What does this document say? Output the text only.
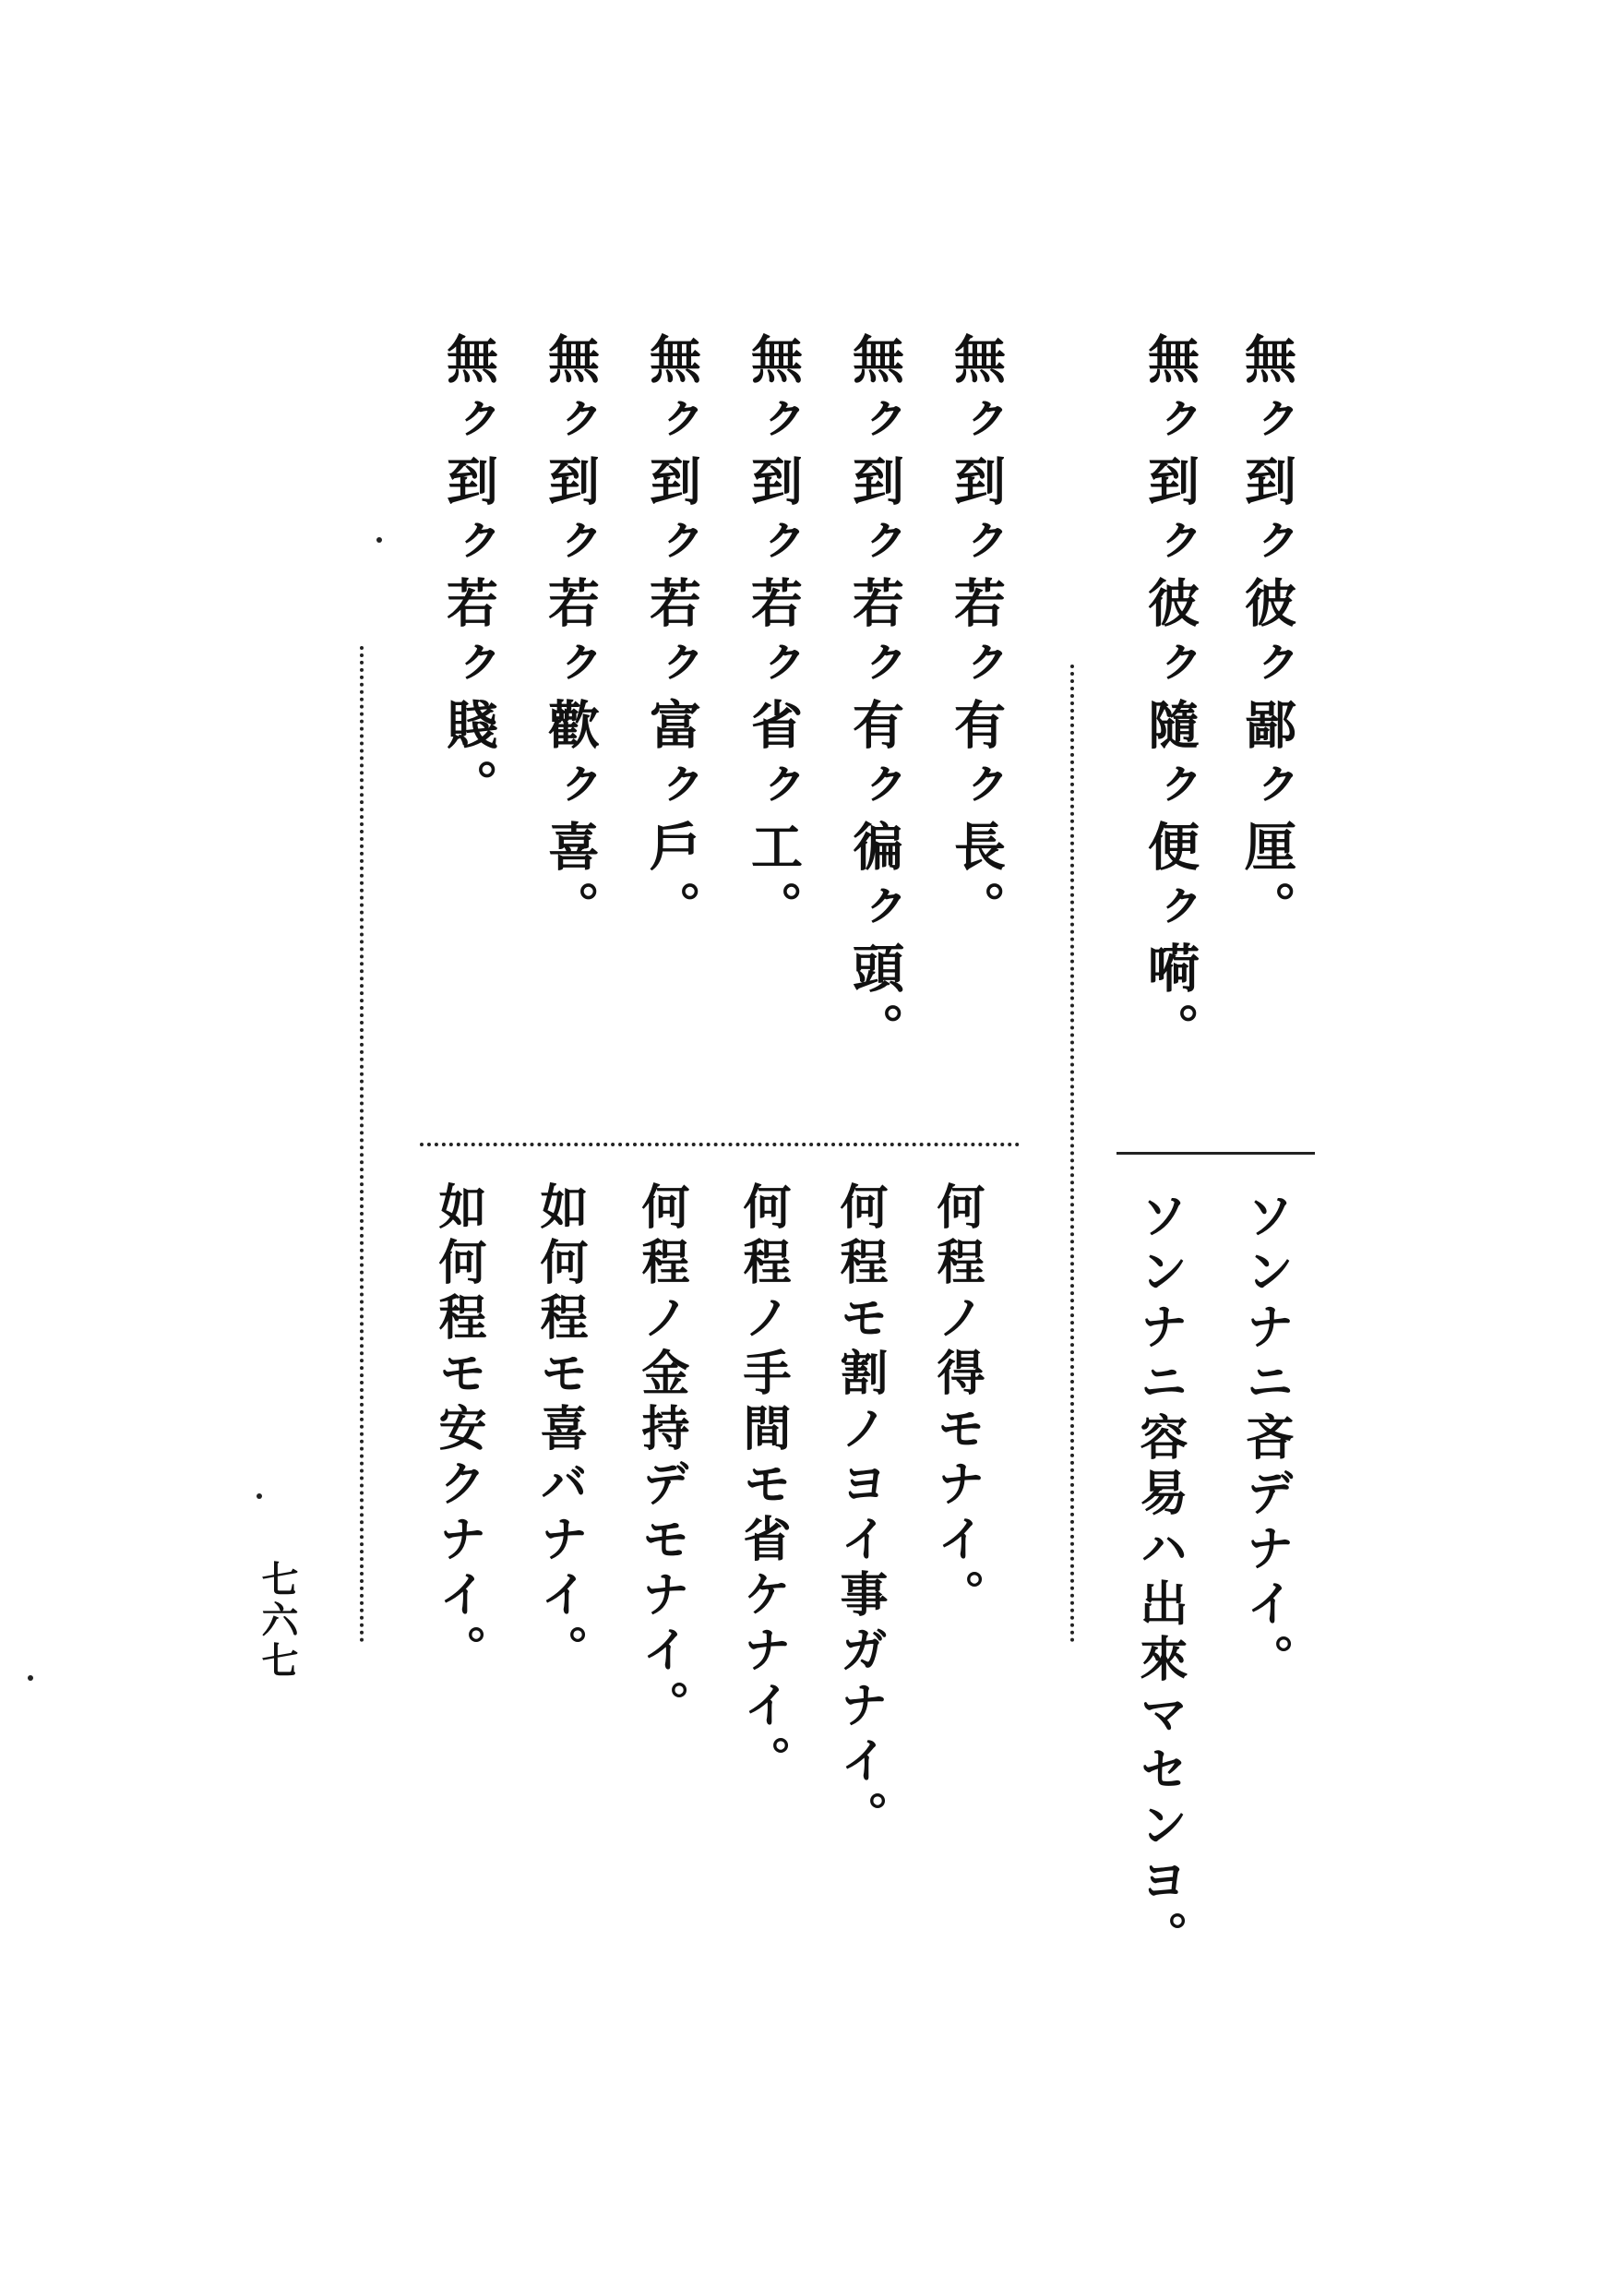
無ㇰ到ㇰ彼ㇰ鄙ㇰ厘。
無ㇰ到ㇰ彼ㇰ隨ㇰ便ㇰ嗬。
無ㇰ到ㇰ若ㇰ有ㇰ長。
無ㇰ到ㇰ若ㇰ有ㇰ徧ㇰ頭。
無ㇰ到ㇰ若ㇰ省ㇰ工。
無ㇰ到ㇰ若ㇰ富ㇰ戶。
無ㇰ到ㇰ若ㇰ歡ㇰ喜。
無ㇰ到ㇰ若ㇰ賤。
ソンナニ吝デナイ。
ソンナニ容易ハ出來マセンヨ。
何程ノ得モナイ。
何程モ割ノヨイ事ガナイ。
何程ノ手間モ省ケナイ。
何程ノ金持デモナイ。
如何程モ喜バナイ。
如何程モ安クナイ。
七六七
